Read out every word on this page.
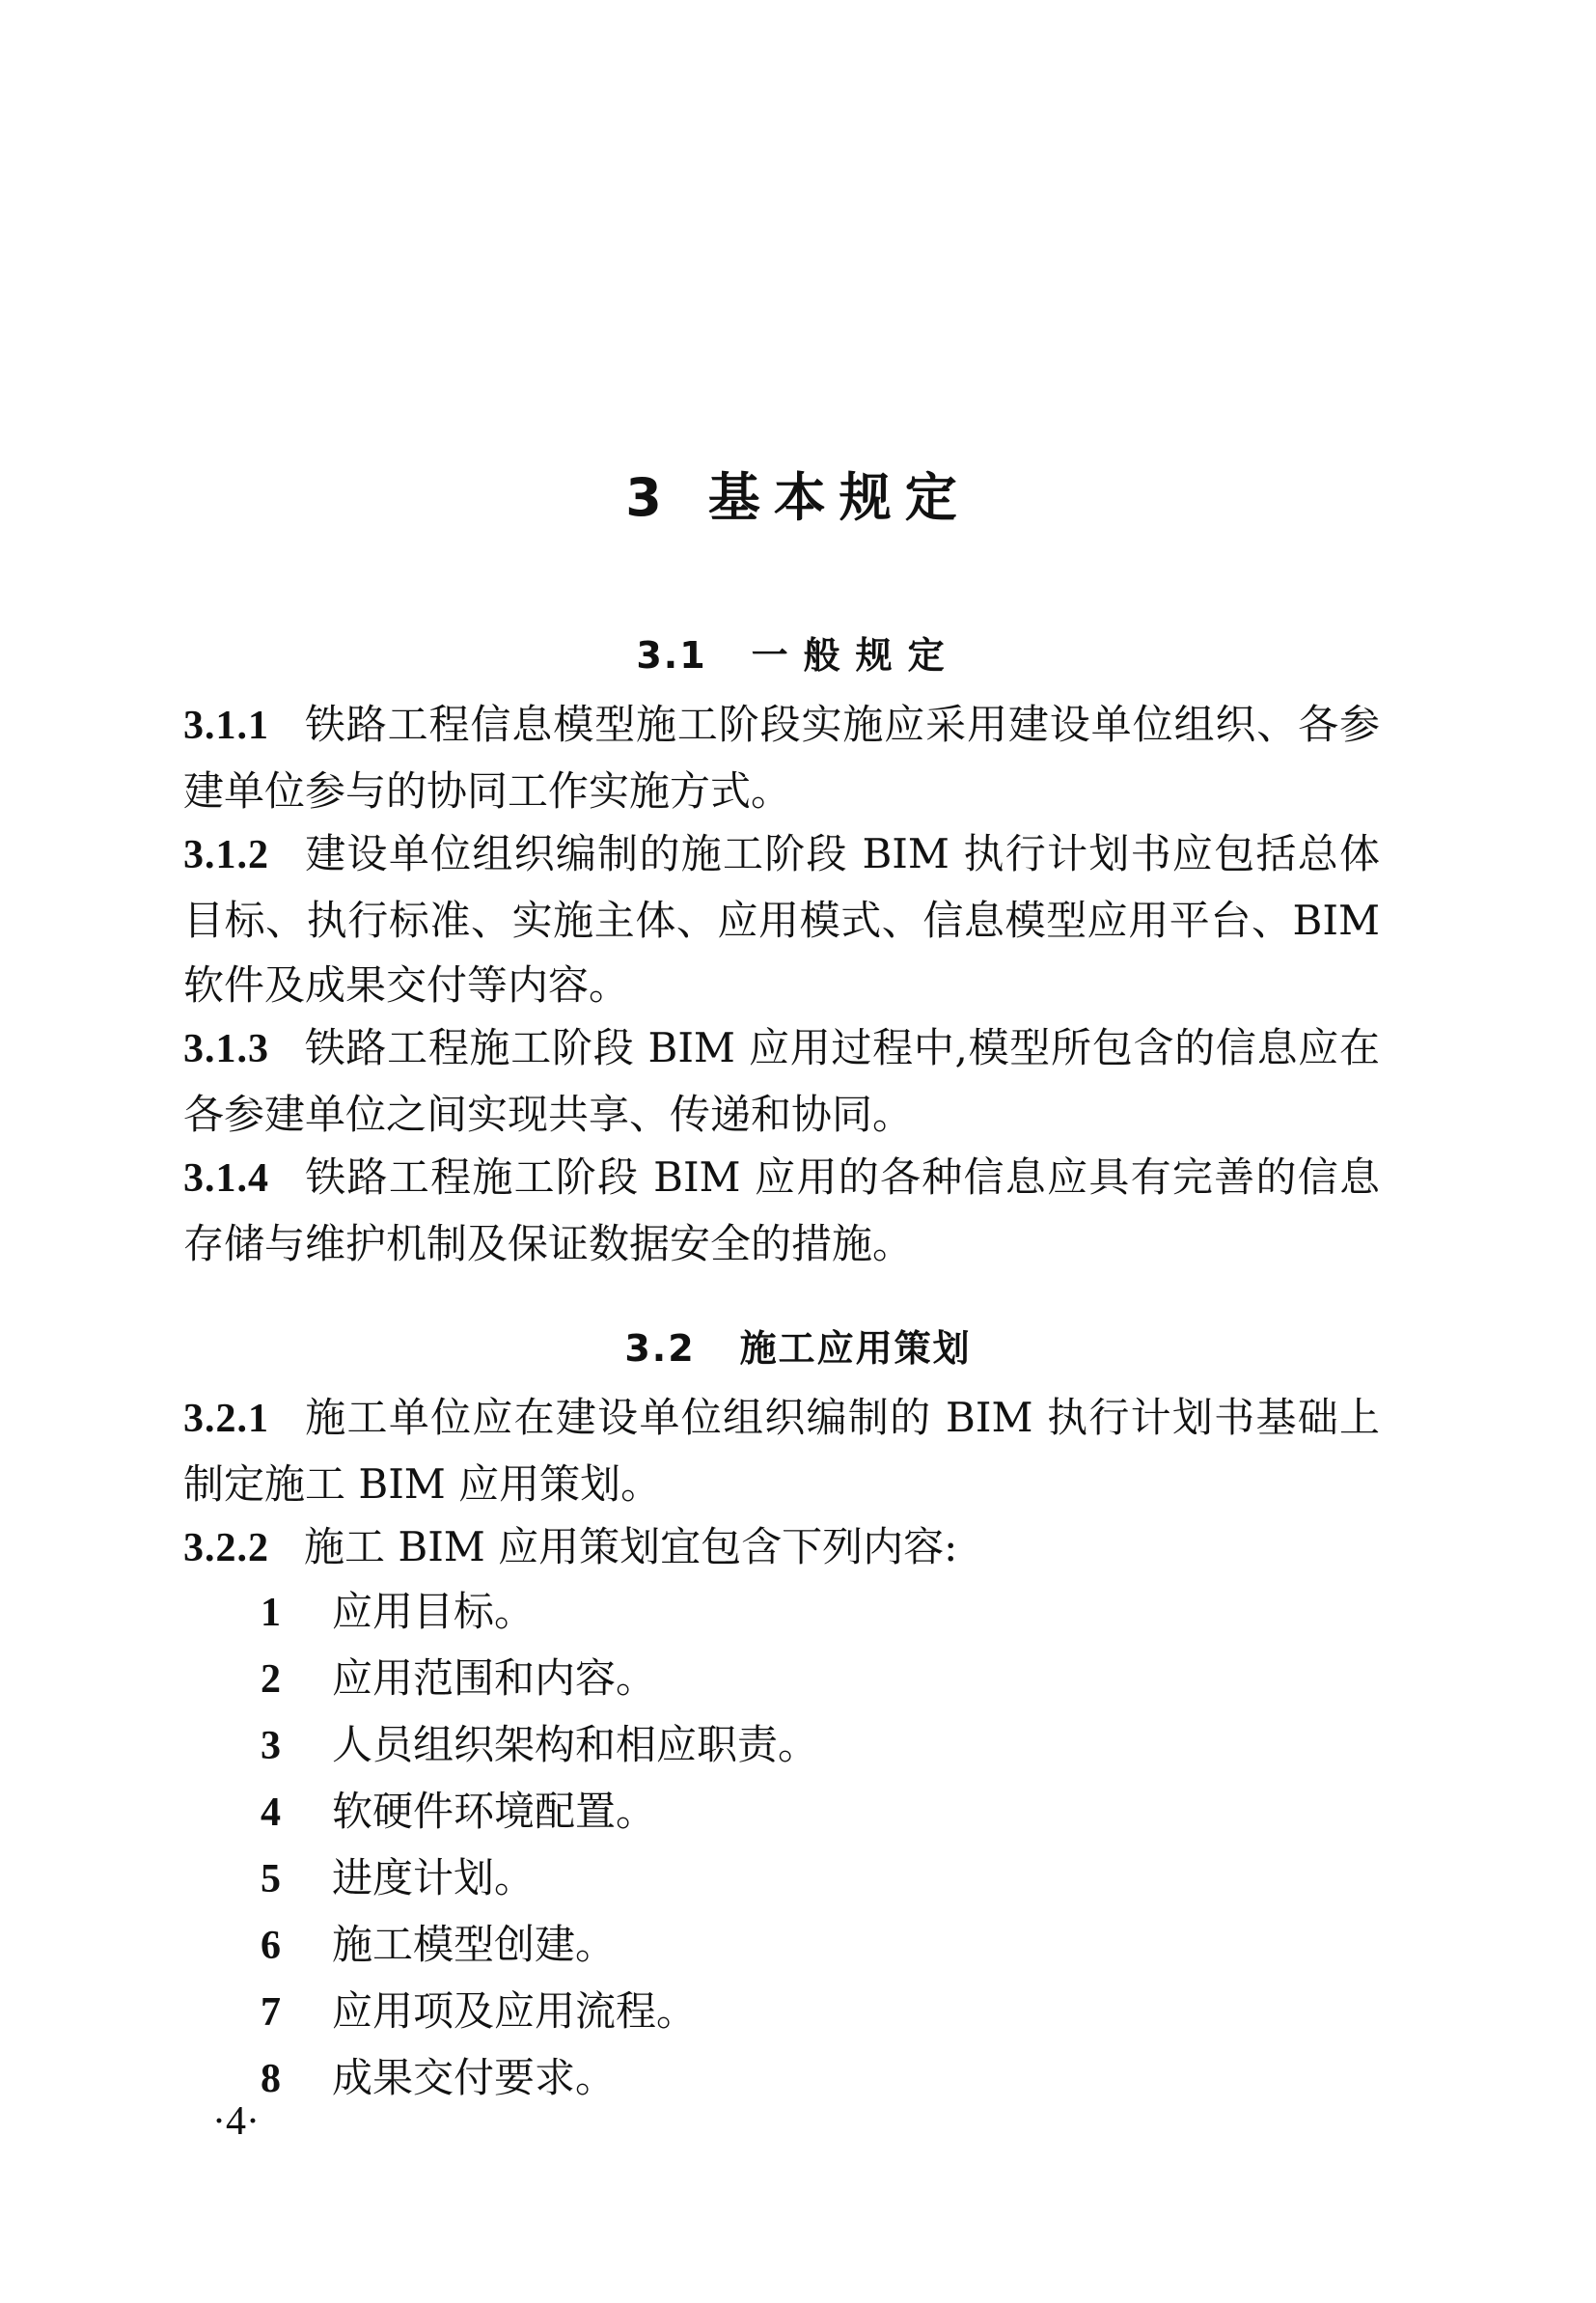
3 基本规定
3.1 一般规定

3.1.1 铁路工程信息模型施工阶段实施应采用建设单位组织、各参建单位参与的协同工作实施方式。

3.1.2 建设单位组织编制的施工阶段 BIM 执行计划书应包括总体目标、执行标准、实施主体、应用模式、信息模型应用平台、BIM 软件及成果交付等内容。

3.1.3 铁路工程施工阶段 BIM 应用过程中,模型所包含的信息应在各参建单位之间实现共享、传递和协同。

3.1.4 铁路工程施工阶段 BIM 应用的各种信息应具有完善的信息存储与维护机制及保证数据安全的措施。

3.2 施工应用策划

3.2.1 施工单位应在建设单位组织编制的 BIM 执行计划书基础上制定施工 BIM 应用策划。

3.2.2 施工 BIM 应用策划宜包含下列内容:

1 应用目标。
2 应用范围和内容。
3 人员组织架构和相应职责。
4 软硬件环境配置。
5 进度计划。
6 施工模型创建。
7 应用项及应用流程。
8 成果交付要求。
·4·
